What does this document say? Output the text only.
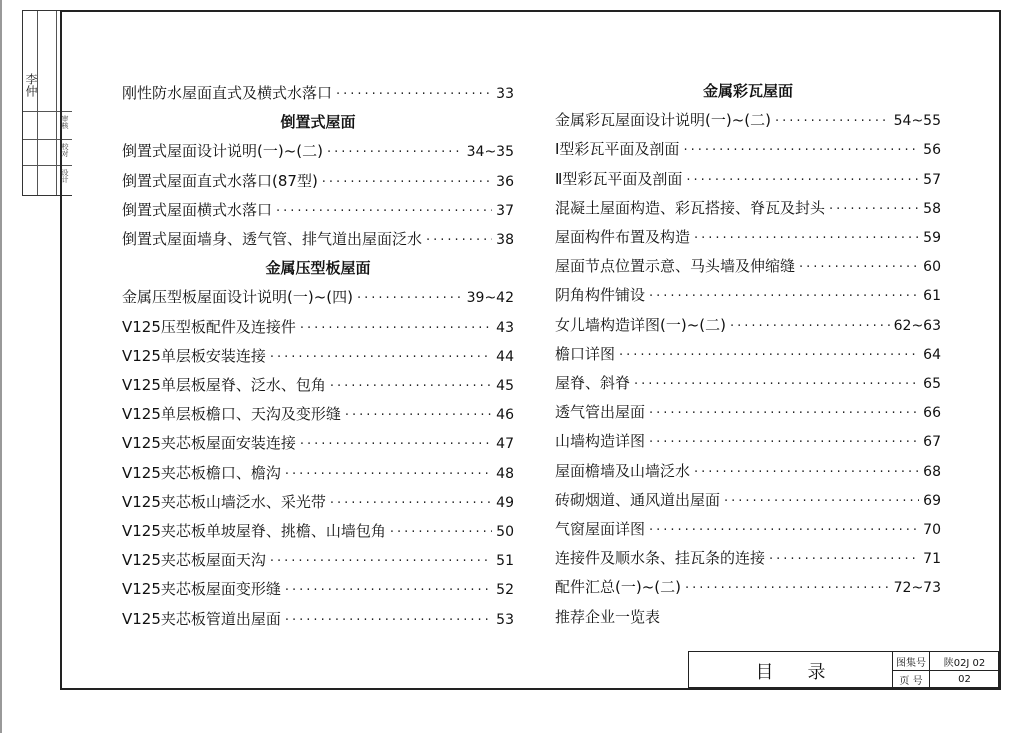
李仲
审核
校对
设计
刚性防水屋面直式及横式水落口 ·····	33
倒置式屋面
倒置式屋面设计说明(一)~(二) ·····	34~35
倒置式屋面直式水落口(87型) ·····	36
倒置式屋面横式水落口 ·····	37
倒置式屋面墙身、透气管、排气道出屋面泛水 ·····	38
金属压型板屋面
金属压型板屋面设计说明(一)~(四) ·····	39~42
V125压型板配件及连接件 ·····	43
V125单层板安装连接 ·····	44
V125单层板屋脊、泛水、包角 ·····	45
V125单层板檐口、天沟及变形缝 ·····	46
V125夹芯板屋面安装连接 ·····	47
V125夹芯板檐口、檐沟 ·····	48
V125夹芯板山墙泛水、采光带 ·····	49
V125夹芯板单坡屋脊、挑檐、山墙包角 ·····	50
V125夹芯板屋面天沟 ·····	51
V125夹芯板屋面变形缝 ·····	52
V125夹芯板管道出屋面 ·····	53
金属彩瓦屋面
金属彩瓦屋面设计说明(一)~(二) ·····	54~55
Ⅰ型彩瓦平面及剖面 ·····	56
Ⅱ型彩瓦平面及剖面 ·····	57
混凝土屋面构造、彩瓦搭接、脊瓦及封头 ·····	58
屋面构件布置及构造 ·····	59
屋面节点位置示意、马头墙及伸缩缝 ·····	60
阴角构件铺设 ·····	61
女儿墙构造详图(一)~(二) ·····	62~63
檐口详图 ·····	64
屋脊、斜脊 ·····	65
透气管出屋面 ·····	66
山墙构造详图 ·····	67
屋面檐墙及山墙泛水 ·····	68
砖砌烟道、通风道出屋面 ·····	69
气窗屋面详图 ·····	70
连接件及顺水条、挂瓦条的连接 ·····	71
配件汇总(一)~(二) ·····	72~73
推荐企业一览表
目录	图集号	陕02J 02
页 号	02
